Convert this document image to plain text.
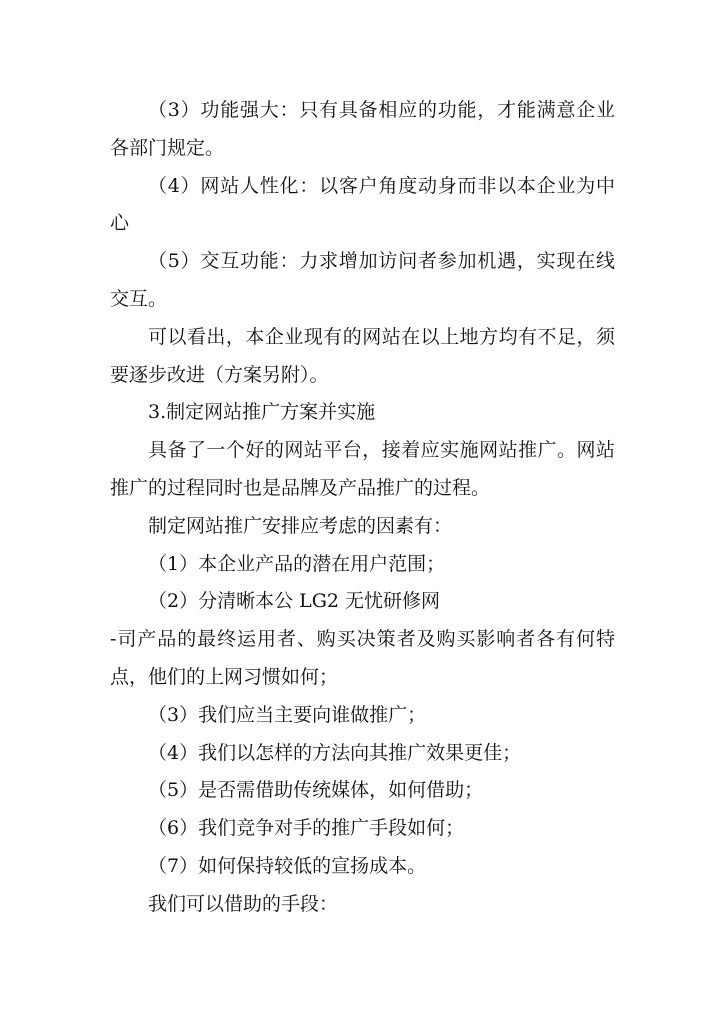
（3）功能强大：只有具备相应的功能，才能满意企业各部门规定。

（4）网站人性化：以客户角度动身而非以本企业为中心

（5）交互功能：力求增加访问者参加机遇，实现在线交互。

可以看出，本企业现有的网站在以上地方均有不足，须要逐步改进（方案另附）。

3.制定网站推广方案并实施

具备了一个好的网站平台，接着应实施网站推广。网站推广的过程同时也是品牌及产品推广的过程。

制定网站推广安排应考虑的因素有：

（1）本企业产品的潜在用户范围；

（2）分清晰本公 LG2 无忧研修网

-司产品的最终运用者、购买决策者及购买影响者各有何特点，他们的上网习惯如何；

（3）我们应当主要向谁做推广；

（4）我们以怎样的方法向其推广效果更佳；

（5）是否需借助传统媒体，如何借助；

（6）我们竞争对手的推广手段如何；

（7）如何保持较低的宣扬成本。

我们可以借助的手段：
